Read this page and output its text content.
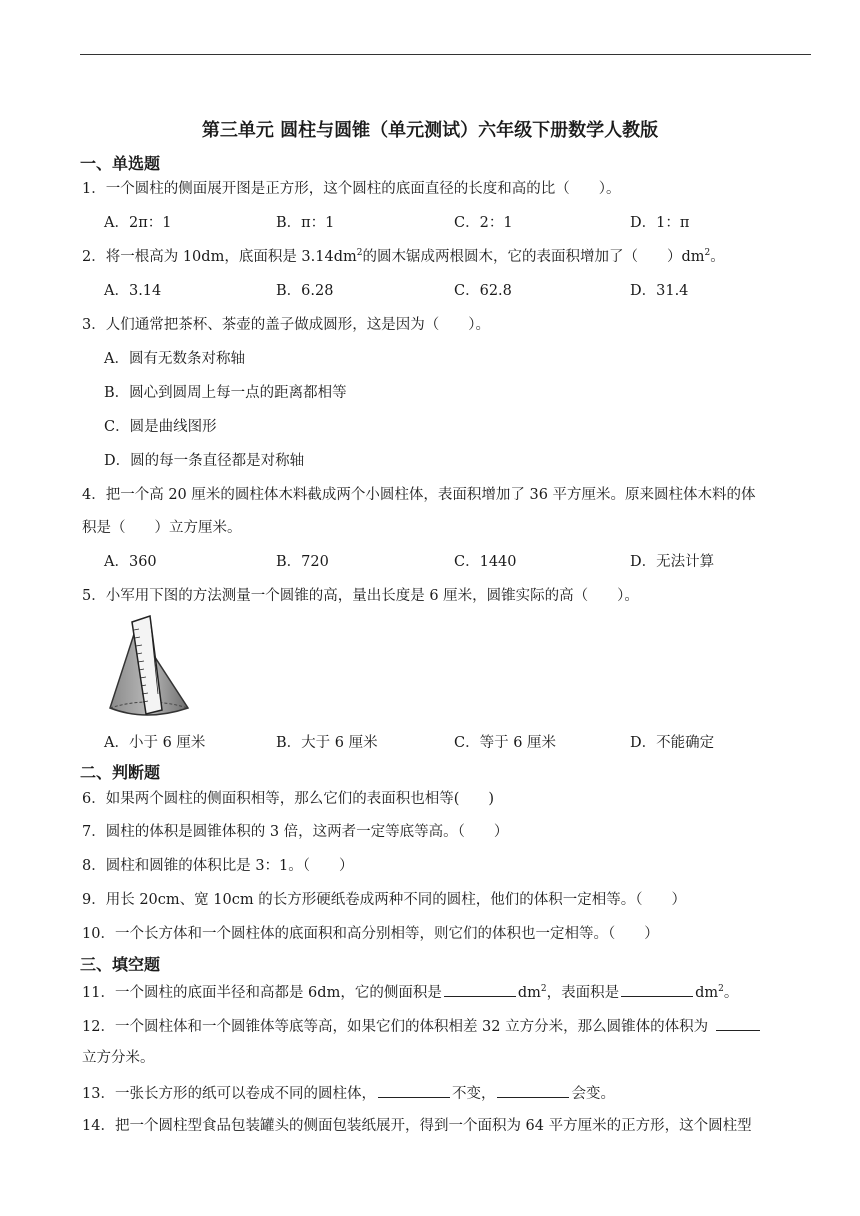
第三单元 圆柱与圆锥（单元测试）六年级下册数学人教版
一、单选题
1．一个圆柱的侧面展开图是正方形，这个圆柱的底面直径的长度和高的比（　　）。
A．2π：1	B．π：1	C．2：1	D．1：π
2．将一根高为 10dm，底面积是 $3.14dm^2$的圆木锯成两根圆木，它的表面积增加了（　　）$dm^2$。
A．3.14	B．6.28	C．62.8	D．31.4
3．人们通常把茶杯、茶壶的盖子做成圆形，这是因为（　　）。
A．圆有无数条对称轴
B．圆心到圆周上每一点的距离都相等
C．圆是曲线图形
D．圆的每一条直径都是对称轴
4．把一个高 20 厘米的圆柱体木料截成两个小圆柱体，表面积增加了 36 平方厘米。原来圆柱体木料的体
积是（　　）立方厘米。
A．360	B．720	C．1440	D．无法计算
5．小军用下图的方法测量一个圆锥的高，量出长度是 6 厘米，圆锥实际的高（　　）。
A．小于 6 厘米	B．大于 6 厘米	C．等于 6 厘米	D．不能确定
二、判断题
6．如果两个圆柱的侧面积相等，那么它们的表面积也相等(　　)
7．圆柱的体积是圆锥体积的 3 倍，这两者一定等底等高。（　　）
8．圆柱和圆锥的体积比是 3：1。（　　）
9．用长 20cm、宽 10cm 的长方形硬纸卷成两种不同的圆柱，他们的体积一定相等。（　　）
10．一个长方体和一个圆柱体的底面积和高分别相等，则它们的体积也一定相等。（　　）
三、填空题
11．一个圆柱的底面半径和高都是 6dm，它的侧面积是	$dm^2$，表面积是	$dm^2$。
12．一个圆柱体和一个圆锥体等底等高，如果它们的体积相差 32 立方分米，那么圆锥体的体积为
立方分米。
13．一张长方形的纸可以卷成不同的圆柱体，	不变，	会变。
14．把一个圆柱型食品包装罐头的侧面包装纸展开，得到一个面积为 64 平方厘米的正方形，这个圆柱型
